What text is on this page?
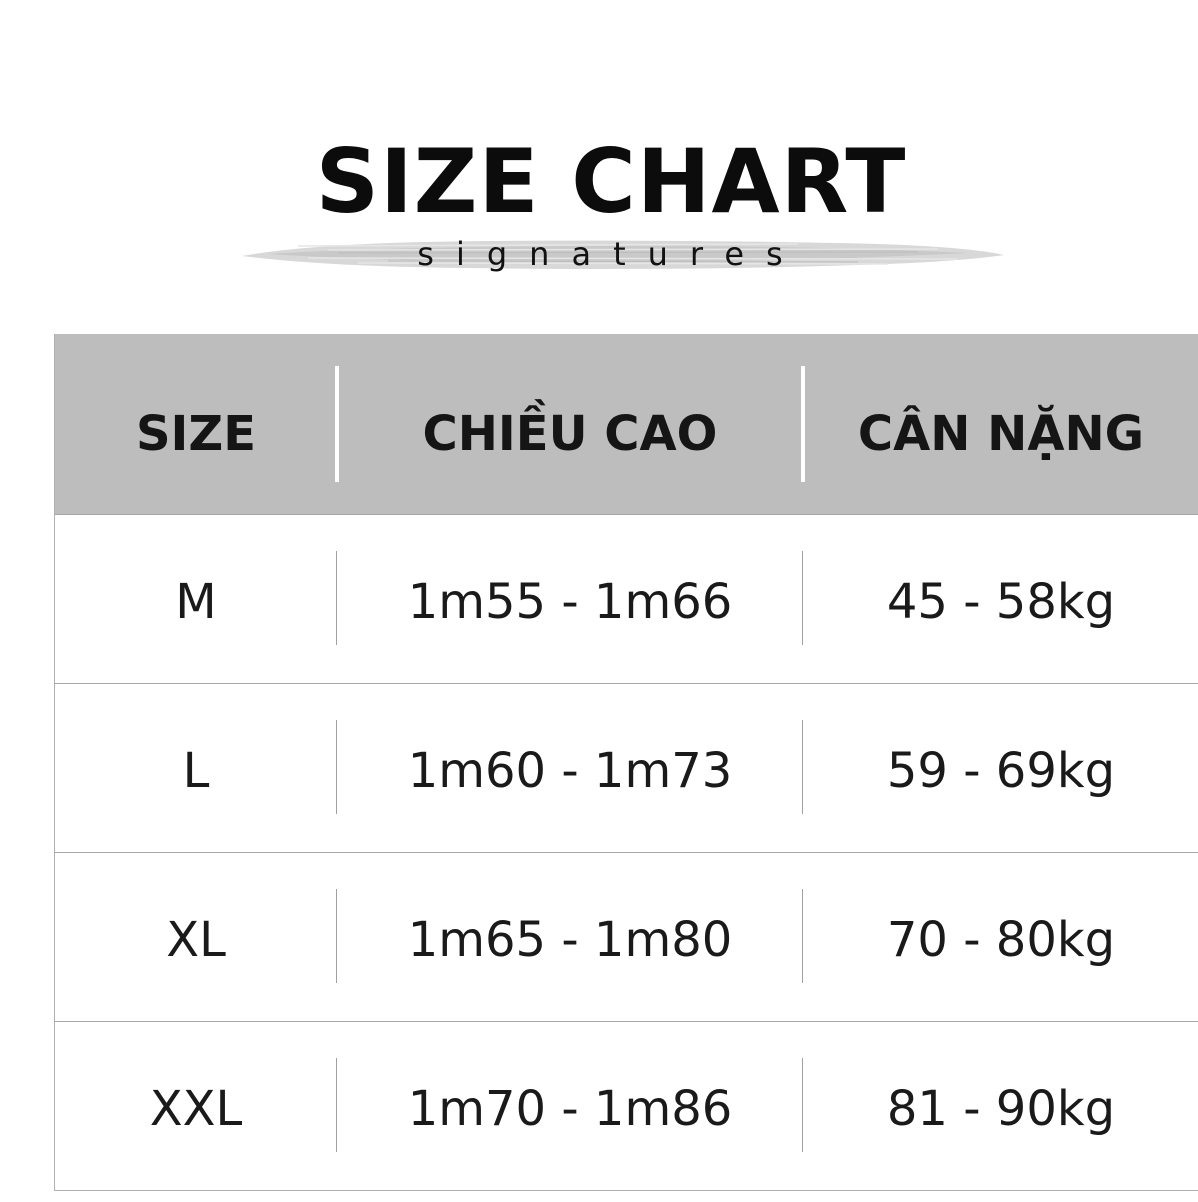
SIZE CHART
signatures
SIZE	CHIỀU CAO	CÂN NẶNG
M	1m55 - 1m66	45 - 58kg
L	1m60 - 1m73	59 - 69kg
XL	1m65 - 1m80	70 - 80kg
XXL	1m70 - 1m86	81 - 90kg
